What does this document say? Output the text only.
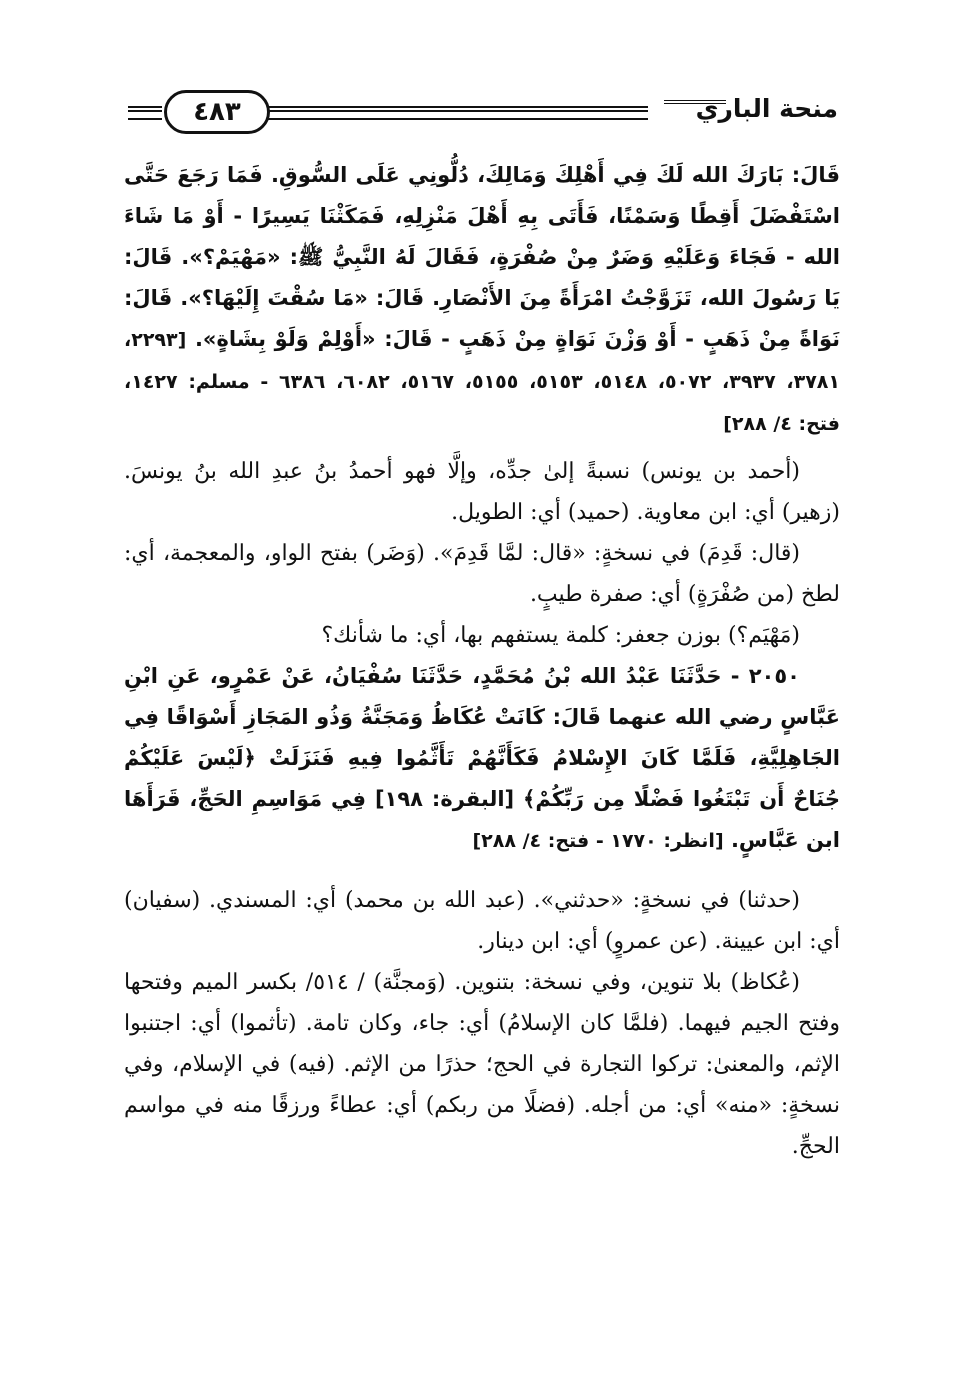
منحة الباري
٤٨٣

قَالَ: بَارَكَ الله لَكَ فِي أَهْلِكَ وَمَالِكَ، دُلُّونِي عَلَى السُّوقِ. فَمَا رَجَعَ حَتَّى اسْتَفْضَلَ أَقِطًا وَسَمْنًا، فَأَتَى بِهِ أَهْلَ مَنْزِلِهِ، فَمَكَثْنَا يَسِيرًا - أَوْ مَا شَاءَ الله - فَجَاءَ وَعَلَيْهِ وَضَرٌ مِنْ صُفْرَةٍ، فَقَالَ لَهُ النَّبِيُّ ﷺ: «مَهْيَمْ؟». قَالَ: يَا رَسُولَ الله، تَزَوَّجْتُ امْرَأَةً مِنَ الأَنْصَارِ. قَالَ: «مَا سُقْتَ إِلَيْهَا؟». قَالَ: نَوَاةً مِنْ ذَهَبٍ - أَوْ وَزْنَ نَوَاةٍ مِنْ ذَهَبٍ - قَالَ: «أَوْلِمْ وَلَوْ بِشَاةٍ». [٢٢٩٣، ٣٧٨١، ٣٩٣٧، ٥٠٧٢، ٥١٤٨، ٥١٥٣، ٥١٥٥، ٥١٦٧، ٦٠٨٢، ٦٣٨٦ - مسلم: ١٤٢٧، فتح: ٤/ ٢٨٨]

(أحمد بن يونس) نسبةً إلىٰ جدِّه، وإلَّا فهو أحمدُ بنُ عبدِ الله بنُ يونسَ. (زهير) أي: ابن معاوية. (حميد) أي: الطويل.

(قال: قَدِمَ) في نسخةٍ: «قال: لمَّا قَدِمَ». (وَضَر) بفتح الواو، والمعجمة، أي: لطخ (من صُفْرَةٍ) أي: صفرة طيبٍ.

(مَهْيَم؟) بوزن جعفر: كلمة يستفهم بها، أي: ما شأنك؟

٢٠٥٠ - حَدَّثَنَا عَبْدُ الله بْنُ مُحَمَّدٍ، حَدَّثَنَا سُفْيَانُ، عَنْ عَمْرٍو، عَنِ ابْنِ عَبَّاسٍ رضي الله عنهما قَالَ: كَانَتْ عُكَاظُ وَمَجَنَّةُ وَذُو المَجَازِ أَسْوَاقًا فِي الجَاهِلِيَّةِ، فَلَمَّا كَانَ الإِسْلامُ فَكَأَنَّهُمْ تَأَثَّمُوا فِيهِ فَنَزَلَتْ ﴿لَيْسَ عَلَيْكُمْ جُنَاحٌ أَن تَبْتَغُوا فَضْلًا مِن رَبِّكُمْ﴾ [البقرة: ١٩٨] فِي مَوَاسِمِ الحَجِّ، قَرَأَهَا ابن عَبَّاسٍ. [انظر: ١٧٧٠ - فتح: ٤/ ٢٨٨]

(حدثنا) في نسخةٍ: «حدثني». (عبد الله بن محمد) أي: المسندي. (سفيان) أي: ابن عيينة. (عن عمروٍ) أي: ابن دينار.

(عُكاظ) بلا تنوين، وفي نسخة: بتنوين. (وَمجنَّة) / ٥١٤/ بكسر الميم وفتحها وفتح الجيم فيهما. (فلمَّا كان الإسلامُ) أي: جاء، وكان تامة. (تأثموا) أي: اجتنبوا الإثم، والمعنىٰ: تركوا التجارة في الحج؛ حذرًا من الإثم. (فيه) في الإسلام، وفي نسخةٍ: «منه» أي: من أجله. (فضلًا من ربكم) أي: عطاءً ورزقًا منه في مواسم الحجِّ.
